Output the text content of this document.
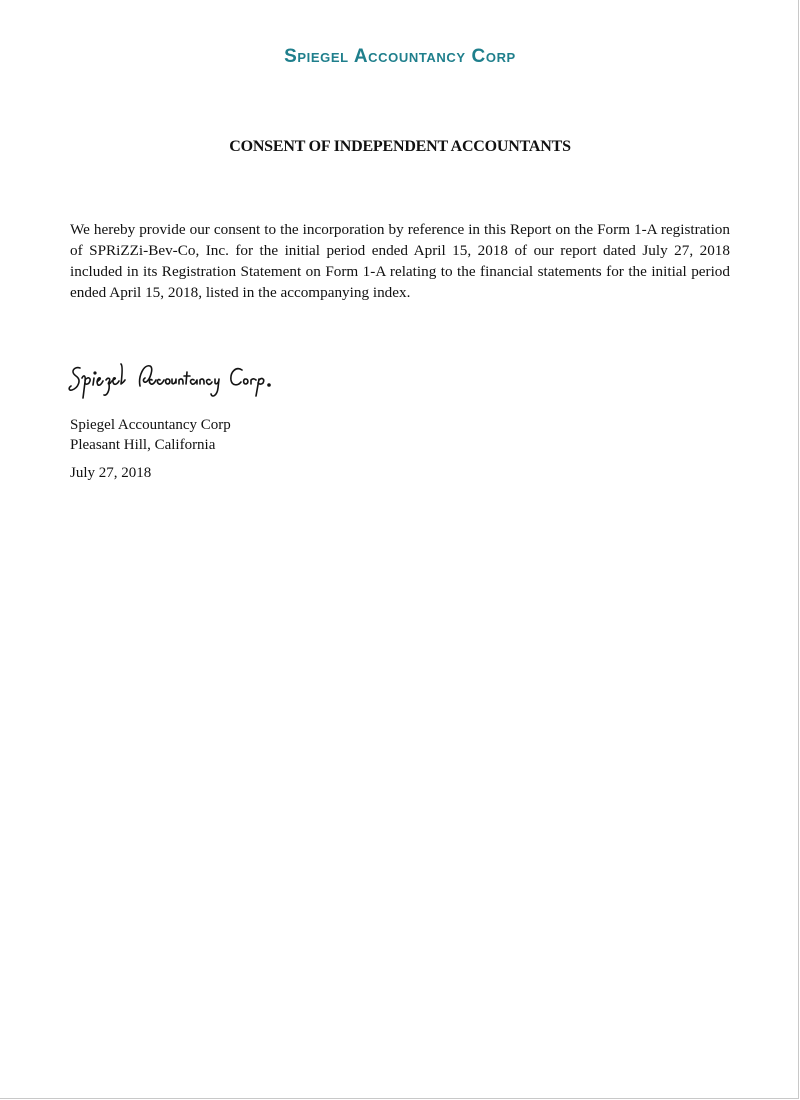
Spiegel Accountancy Corp
CONSENT OF INDEPENDENT ACCOUNTANTS
We hereby provide our consent to the incorporation by reference in this Report on the Form 1-A registration of SPRiZZi-Bev-Co, Inc. for the initial period ended April 15, 2018 of our report dated July 27, 2018 included in its Registration Statement on Form 1-A relating to the financial statements for the initial period ended April 15, 2018, listed in the accompanying index.
Spiegel Accountancy Corp
Pleasant Hill, California
July 27, 2018
